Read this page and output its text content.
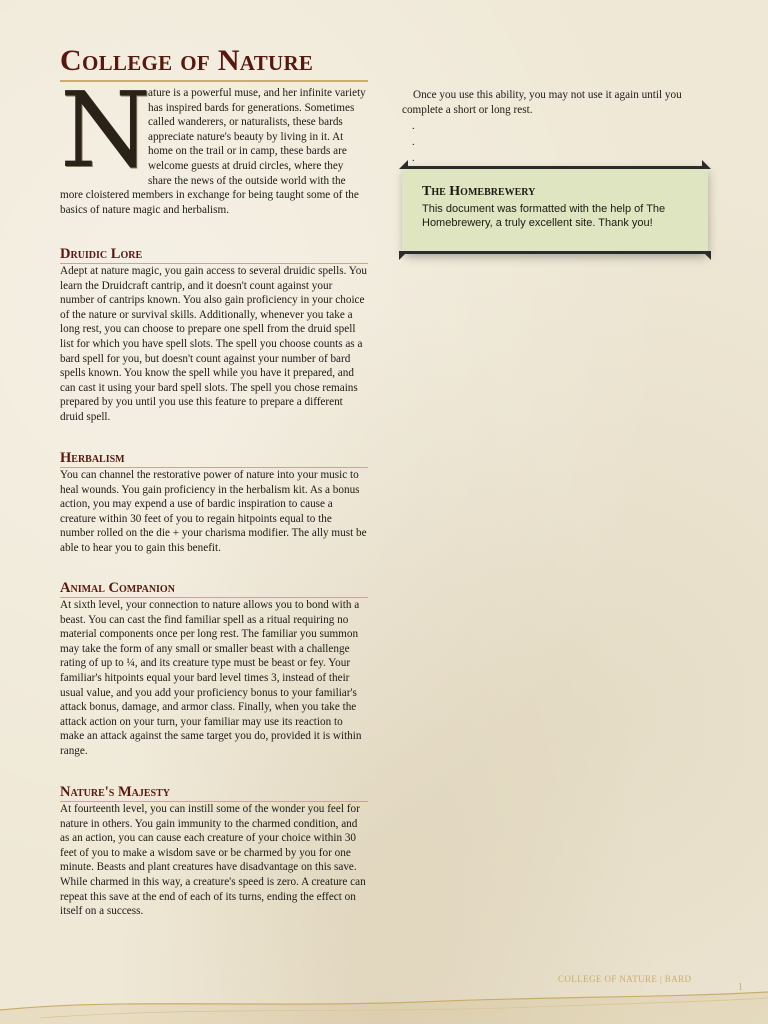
College of Nature
N

ature is a powerful muse, and her infinite variety has inspired bards for generations. Sometimes called wanderers, or naturalists, these bards appreciate nature's beauty by living in it. At home on the trail or in camp, these bards are welcome guests at druid circles, where they share the news of the outside world with the more cloistered members in exchange for being taught some of the basics of nature magic and herbalism.

Druidic Lore

Adept at nature magic, you gain access to several druidic spells. You learn the Druidcraft cantrip, and it doesn't count against your number of cantrips known. You also gain proficiency in your choice of the nature or survival skills. Additionally, whenever you take a long rest, you can choose to prepare one spell from the druid spell list for which you have spell slots. The spell you choose counts as a bard spell for you, but doesn't count against your number of bard spells known. You know the spell while you have it prepared, and can cast it using your bard spell slots. The spell you chose remains prepared by you until you use this feature to prepare a different druid spell.

Herbalism

You can channel the restorative power of nature into your music to heal wounds. You gain proficiency in the herbalism kit. As a bonus action, you may expend a use of bardic inspiration to cause a creature within 30 feet of you to regain hitpoints equal to the number rolled on the die + your charisma modifier. The ally must be able to hear you to gain this benefit.

Animal Companion

At sixth level, your connection to nature allows you to bond with a beast. You can cast the find familiar spell as a ritual requiring no material components once per long rest. The familiar you summon may take the form of any small or smaller beast with a challenge rating of up to ¼, and its creature type must be beast or fey. Your familiar's hitpoints equal your bard level times 3, instead of their usual value, and you add your proficiency bonus to your familiar's attack bonus, damage, and armor class. Finally, when you take the attack action on your turn, your familiar may use its reaction to make an attack against the same target you do, provided it is within range.

Nature's Majesty

At fourteenth level, you can instill some of the wonder you feel for nature in others. You gain immunity to the charmed condition, and as an action, you can cause each creature of your choice within 30 feet of you to make a wisdom save or be charmed by you for one minute. Beasts and plant creatures have disadvantage on this save. While charmed in this way, a creature's speed is zero. A creature can repeat this save at the end of each of its turns, ending the effect on itself on a success.

Once you use this ability, you may not use it again until you complete a short or long rest.

.
.
.
The Homebrewery
This document was formatted with the help of The Homebrewery, a truly excellent site. Thank you!
COLLEGE OF NATURE | BARD
1
